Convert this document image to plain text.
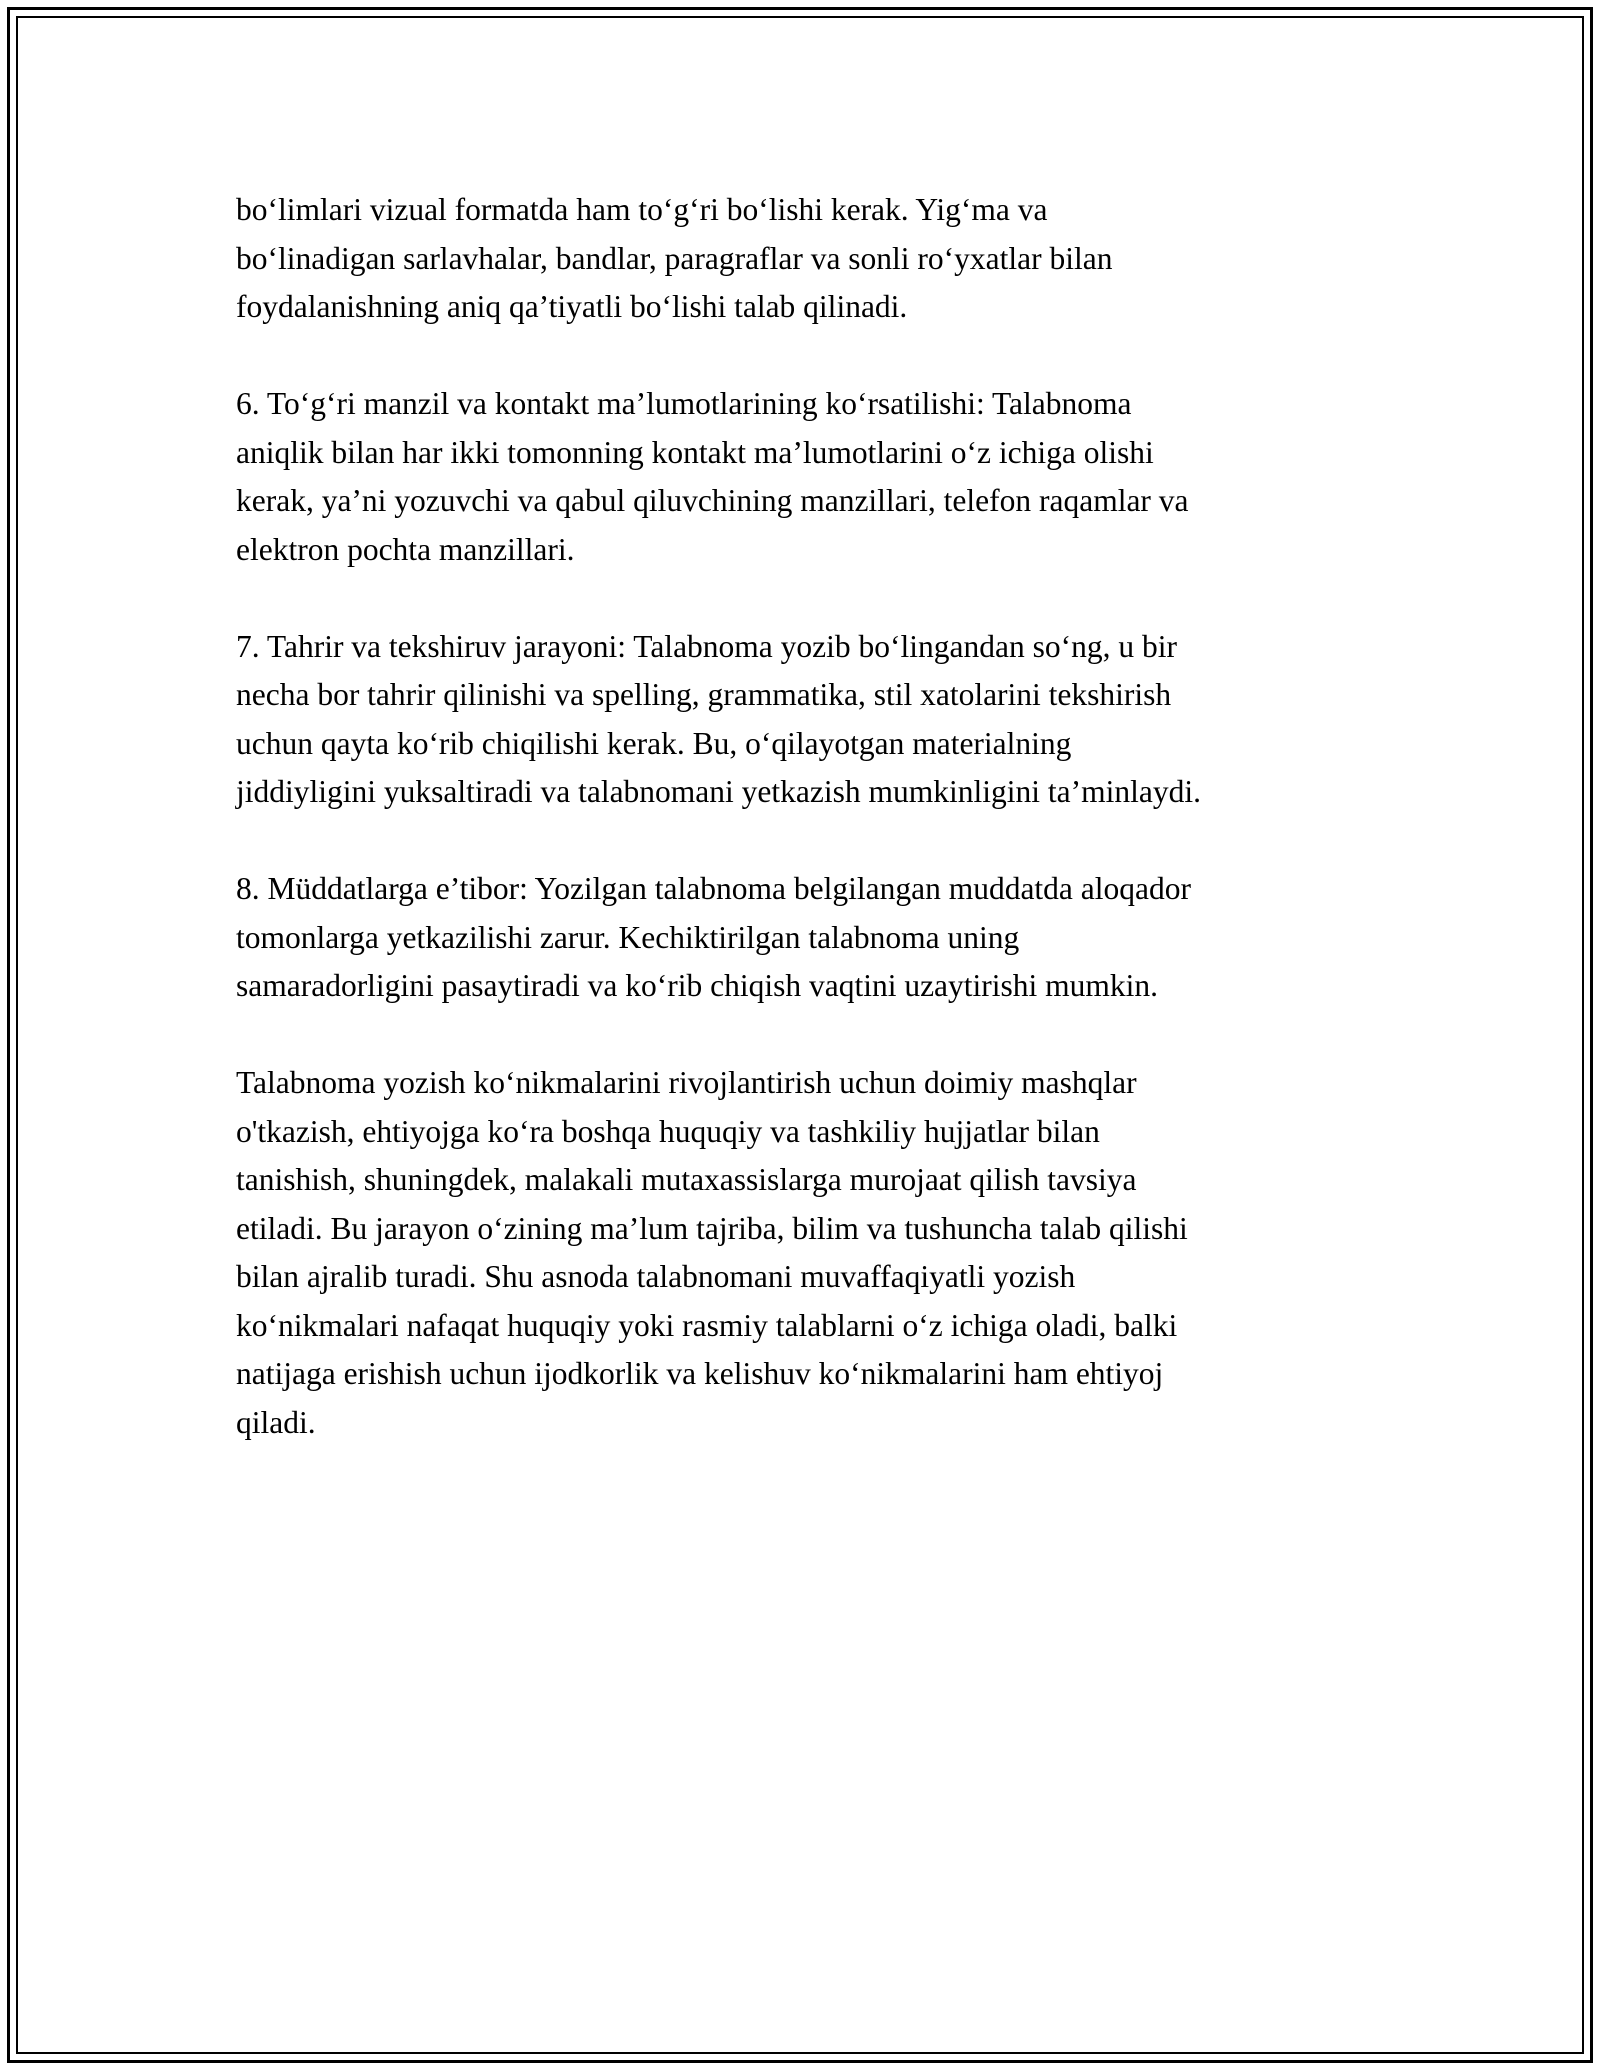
bo‘limlari vizual formatda ham to‘g‘ri bo‘lishi kerak. Yig‘ma va
bo‘linadigan sarlavhalar, bandlar, paragraflar va sonli ro‘yxatlar bilan
foydalanishning aniq qa’tiyatli bo‘lishi talab qilinadi.

6. To‘g‘ri manzil va kontakt ma’lumotlarining ko‘rsatilishi: Talabnoma
aniqlik bilan har ikki tomonning kontakt ma’lumotlarini o‘z ichiga olishi
kerak, ya’ni yozuvchi va qabul qiluvchining manzillari, telefon raqamlar va
elektron pochta manzillari.

7. Tahrir va tekshiruv jarayoni: Talabnoma yozib bo‘lingandan so‘ng, u bir
necha bor tahrir qilinishi va spelling, grammatika, stil xatolarini tekshirish
uchun qayta ko‘rib chiqilishi kerak. Bu, o‘qilayotgan materialning
jiddiyligini yuksaltiradi va talabnomani yetkazish mumkinligini ta’minlaydi.

8. Müddatlarga e’tibor: Yozilgan talabnoma belgilangan muddatda aloqador
tomonlarga yetkazilishi zarur. Kechiktirilgan talabnoma uning
samaradorligini pasaytiradi va ko‘rib chiqish vaqtini uzaytirishi mumkin.

Talabnoma yozish ko‘nikmalarini rivojlantirish uchun doimiy mashqlar
o'tkazish, ehtiyojga ko‘ra boshqa huquqiy va tashkiliy hujjatlar bilan
tanishish, shuningdek, malakali mutaxassislarga murojaat qilish tavsiya
etiladi. Bu jarayon o‘zining ma’lum tajriba, bilim va tushuncha talab qilishi
bilan ajralib turadi. Shu asnoda talabnomani muvaffaqiyatli yozish
ko‘nikmalari nafaqat huquqiy yoki rasmiy talablarni o‘z ichiga oladi, balki
natijaga erishish uchun ijodkorlik va kelishuv ko‘nikmalarini ham ehtiyoj
qiladi.
